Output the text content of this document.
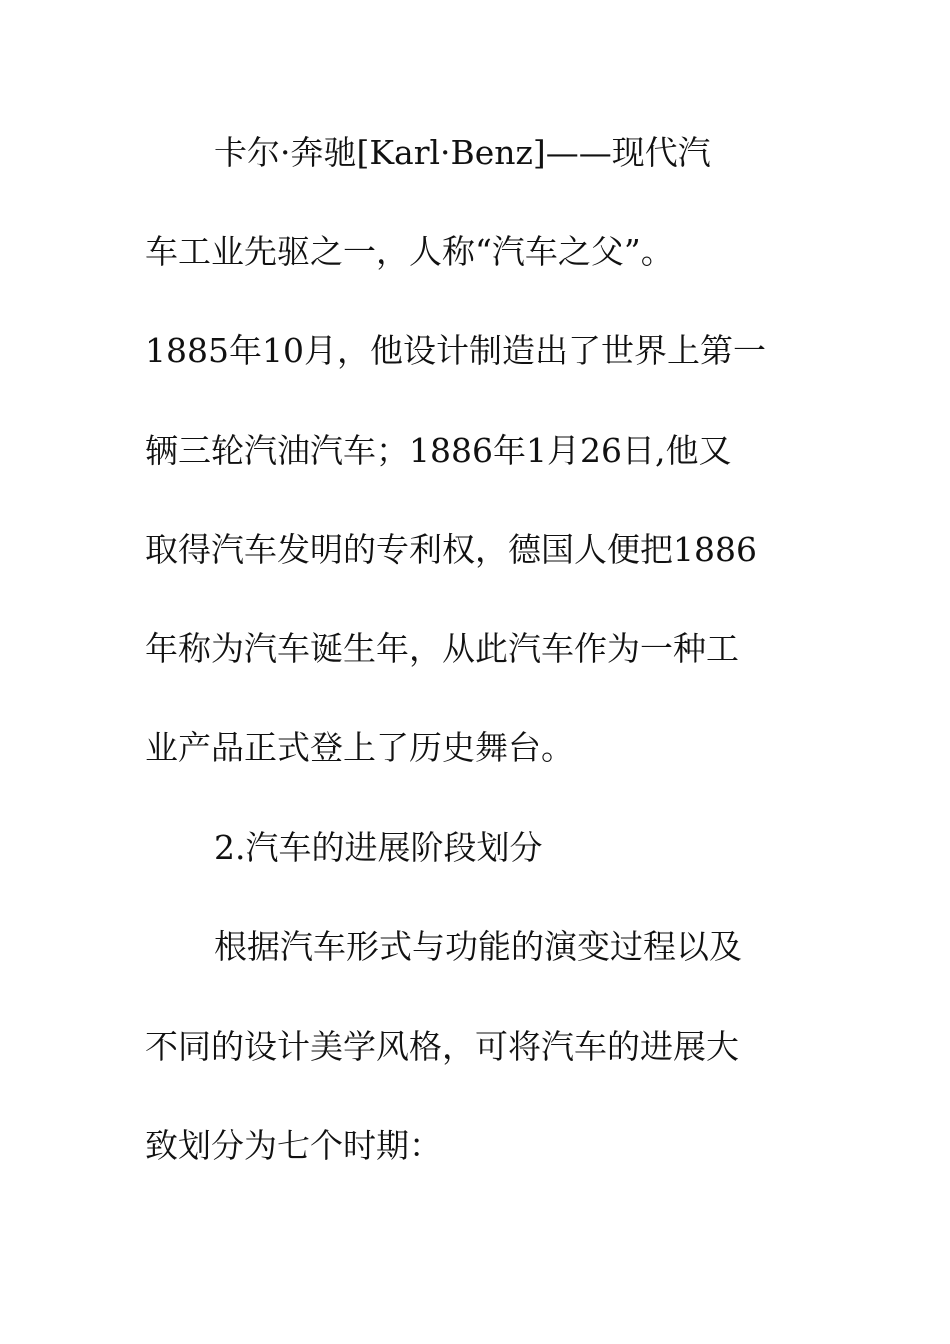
卡尔·奔驰[Karl·Benz]——现代汽
车工业先驱之一，人称“汽车之父”。
1885年10月，他设计制造出了世界上第一
辆三轮汽油汽车；1886年1月26日,他又
取得汽车发明的专利权，德国人便把1886
年称为汽车诞生年，从此汽车作为一种工
业产品正式登上了历史舞台。
2.汽车的进展阶段划分
根据汽车形式与功能的演变过程以及
不同的设计美学风格，可将汽车的进展大
致划分为七个时期：
